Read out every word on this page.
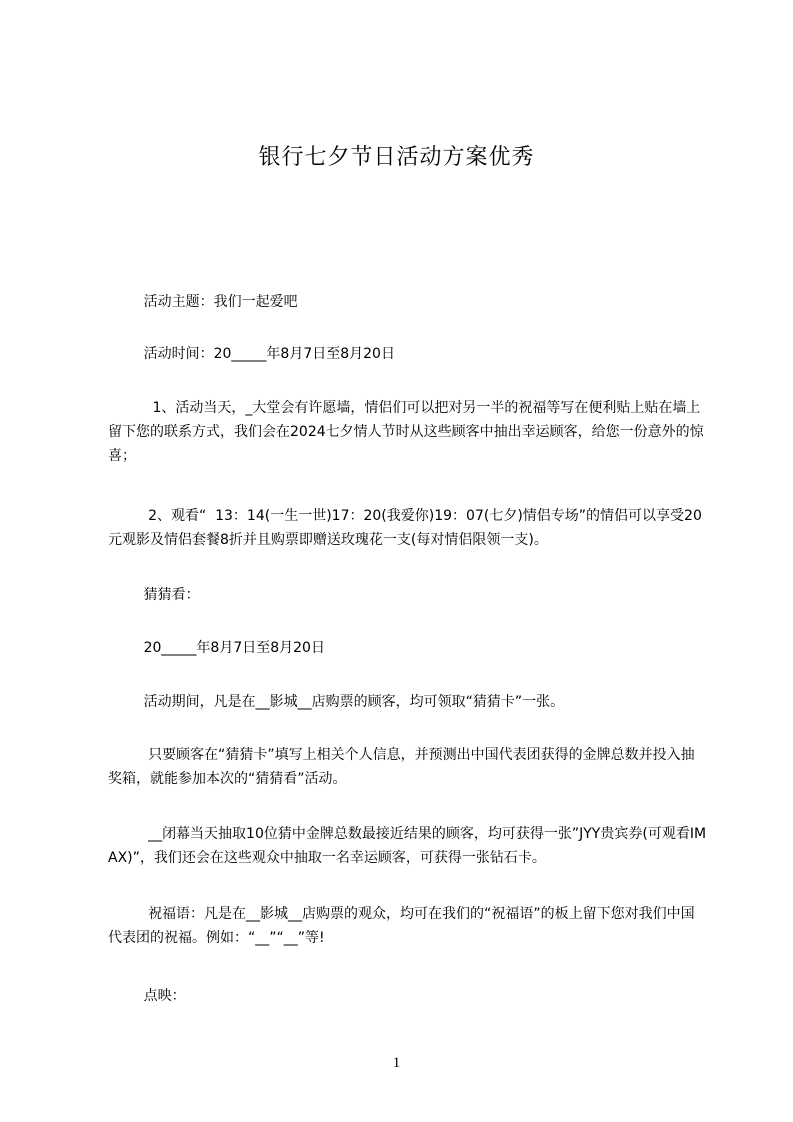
银行七夕节日活动方案优秀

活动主题：我们一起爱吧

活动时间：20_____年8月7日至8月20日

1、活动当天，_大堂会有许愿墙，情侣们可以把对另一半的祝福等写在便利贴上贴在墙上留下您的联系方式，我们会在2024七夕情人节时从这些顾客中抽出幸运顾客，给您一份意外的惊喜；

2、观看“  13：14(一生一世)17：20(我爱你)19：07(七夕)情侣专场”的情侣可以享受20元观影及情侣套餐8折并且购票即赠送玫瑰花一支(每对情侣限领一支)。

猜猜看：

20_____年8月7日至8月20日

活动期间，凡是在__影城__店购票的顾客，均可领取“猜猜卡”一张。

只要顾客在“猜猜卡”填写上相关个人信息，并预测出中国代表团获得的金牌总数并投入抽奖箱，就能参加本次的“猜猜看”活动。

__闭幕当天抽取10位猜中金牌总数最接近结果的顾客，均可获得一张”JYY贵宾券(可观看IMAX)”，我们还会在这些观众中抽取一名幸运顾客，可获得一张钻石卡。

祝福语：凡是在__影城__店购票的观众，均可在我们的“祝福语”的板上留下您对我们中国代表团的祝福。例如：“__”“__”等!

点映：

1
